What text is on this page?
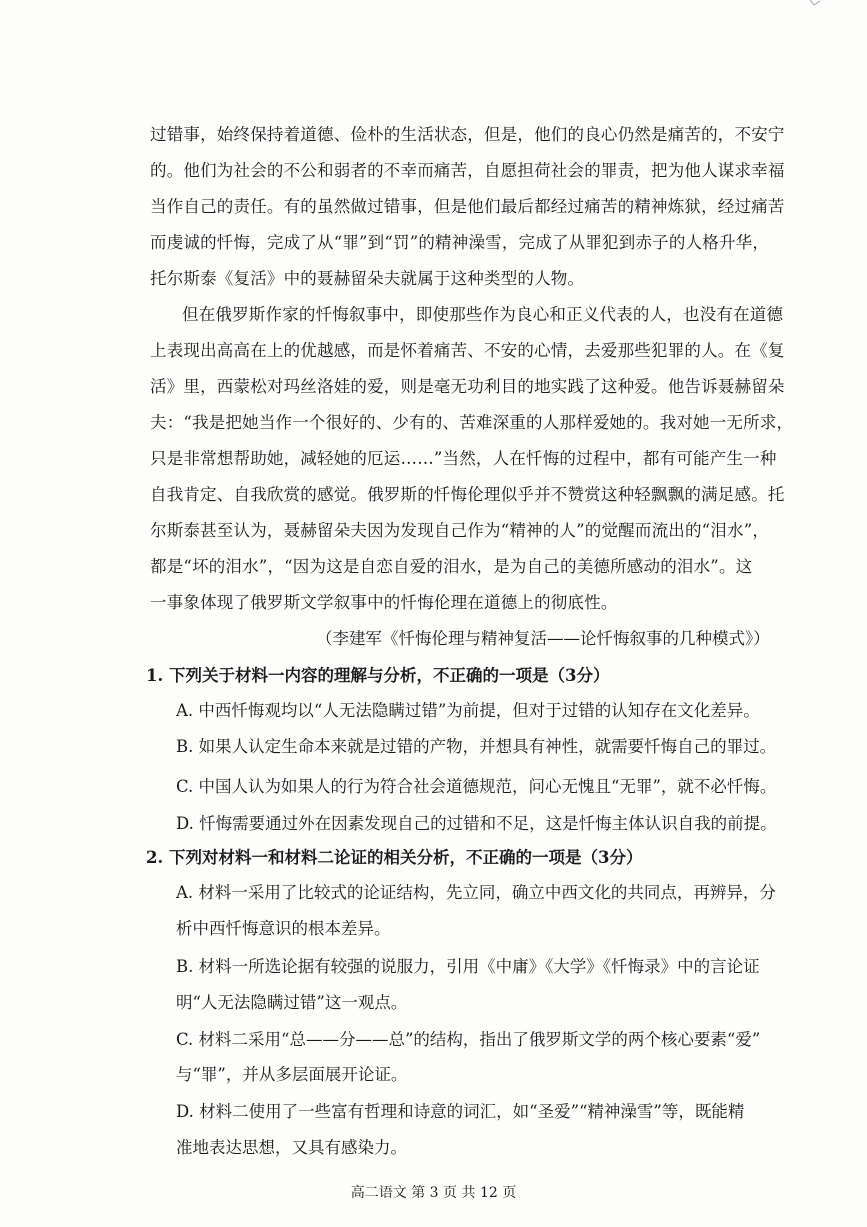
过错事，始终保持着道德、俭朴的生活状态，但是，他们的良心仍然是痛苦的，不安宁
的。他们为社会的不公和弱者的不幸而痛苦，自愿担荷社会的罪责，把为他人谋求幸福
当作自己的责任。有的虽然做过错事，但是他们最后都经过痛苦的精神炼狱，经过痛苦
而虔诚的忏悔，完成了从“罪”到“罚”的精神澡雪，完成了从罪犯到赤子的人格升华，
托尔斯泰《复活》中的聂赫留朵夫就属于这种类型的人物。
但在俄罗斯作家的忏悔叙事中，即使那些作为良心和正义代表的人，也没有在道德
上表现出高高在上的优越感，而是怀着痛苦、不安的心情，去爱那些犯罪的人。在《复
活》里，西蒙松对玛丝洛娃的爱，则是毫无功利目的地实践了这种爱。他告诉聂赫留朵
夫：“我是把她当作一个很好的、少有的、苦难深重的人那样爱她的。我对她一无所求，
只是非常想帮助她，减轻她的厄运……”当然，人在忏悔的过程中，都有可能产生一种
自我肯定、自我欣赏的感觉。俄罗斯的忏悔伦理似乎并不赞赏这种轻飘飘的满足感。托
尔斯泰甚至认为，聂赫留朵夫因为发现自己作为“精神的人”的觉醒而流出的“泪水”，
都是“坏的泪水”，“因为这是自恋自爱的泪水，是为自己的美德所感动的泪水”。这
一事象体现了俄罗斯文学叙事中的忏悔伦理在道德上的彻底性。
（李建军《忏悔伦理与精神复活——论忏悔叙事的几种模式》）
1. 下列关于材料一内容的理解与分析，不正确的一项是（3分）
A. 中西忏悔观均以“人无法隐瞒过错”为前提，但对于过错的认知存在文化差异。
B. 如果人认定生命本来就是过错的产物，并想具有神性，就需要忏悔自己的罪过。
C. 中国人认为如果人的行为符合社会道德规范，问心无愧且“无罪”，就不必忏悔。
D. 忏悔需要通过外在因素发现自己的过错和不足，这是忏悔主体认识自我的前提。
2. 下列对材料一和材料二论证的相关分析，不正确的一项是（3分）
A. 材料一采用了比较式的论证结构，先立同，确立中西文化的共同点，再辨异，分
析中西忏悔意识的根本差异。
B. 材料一所选论据有较强的说服力，引用《中庸》《大学》《忏悔录》中的言论证
明“人无法隐瞒过错”这一观点。
C. 材料二采用“总——分——总”的结构，指出了俄罗斯文学的两个核心要素“爱”
与“罪”，并从多层面展开论证。
D. 材料二使用了一些富有哲理和诗意的词汇，如“圣爱”“精神澡雪”等，既能精
准地表达思想，又具有感染力。
高二语文 第 3 页 共 12 页
